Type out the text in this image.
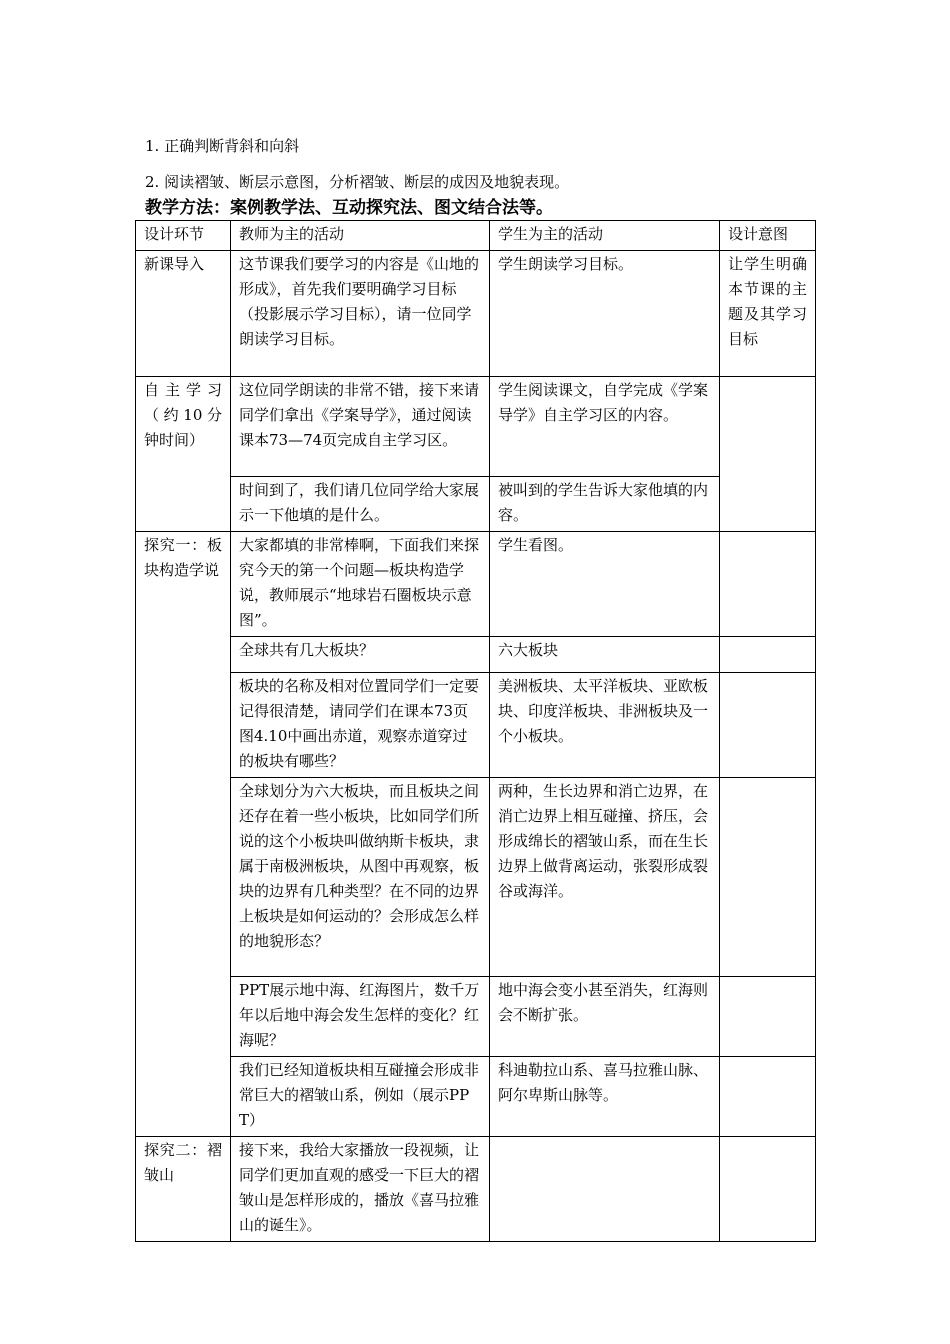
1. 正确判断背斜和向斜
2. 阅读褶皱、断层示意图，分析褶皱、断层的成因及地貌表现。
教学方法：案例教学法、互动探究法、图文结合法等。
设计环节	教师为主的活动	学生为主的活动	设计意图
新课导入	这节课我们要学习的内容是《山地的形成》，首先我们要明确学习目标（投影展示学习目标），请一位同学朗读学习目标。	学生朗读学习目标。	让学生明确本节课的主题及其学习目标
自主学习（约10分钟时间）	这位同学朗读的非常不错，接下来请同学们拿出《学案导学》，通过阅读课本73—74页完成自主学习区。	学生阅读课文，自学完成《学案导学》自主学习区的内容。	
	时间到了，我们请几位同学给大家展示一下他填的是什么。	被叫到的学生告诉大家他填的内容。	
探究一：板块构造学说	大家都填的非常棒啊，下面我们来探究今天的第一个问题—板块构造学说，教师展示“地球岩石圈板块示意图”。	学生看图。	
	全球共有几大板块？	六大板块	
	板块的名称及相对位置同学们一定要记得很清楚，请同学们在课本73页图4.10中画出赤道，观察赤道穿过的板块有哪些？	美洲板块、太平洋板块、亚欧板块、印度洋板块、非洲板块及一个小板块。	
	全球划分为六大板块，而且板块之间还存在着一些小板块，比如同学们所说的这个小板块叫做纳斯卡板块，隶属于南极洲板块，从图中再观察，板块的边界有几种类型？在不同的边界上板块是如何运动的？会形成怎么样的地貌形态？	两种，生长边界和消亡边界，在消亡边界上相互碰撞、挤压，会形成绵长的褶皱山系，而在生长边界上做背离运动，张裂形成裂谷或海洋。	
	PPT展示地中海、红海图片，数千万年以后地中海会发生怎样的变化？红海呢？	地中海会变小甚至消失，红海则会不断扩张。	
	我们已经知道板块相互碰撞会形成非常巨大的褶皱山系，例如（展示PPT）	科迪勒拉山系、喜马拉雅山脉、阿尔卑斯山脉等。	
探究二：褶皱山	接下来，我给大家播放一段视频，让同学们更加直观的感受一下巨大的褶皱山是怎样形成的，播放《喜马拉雅山的诞生》。		
